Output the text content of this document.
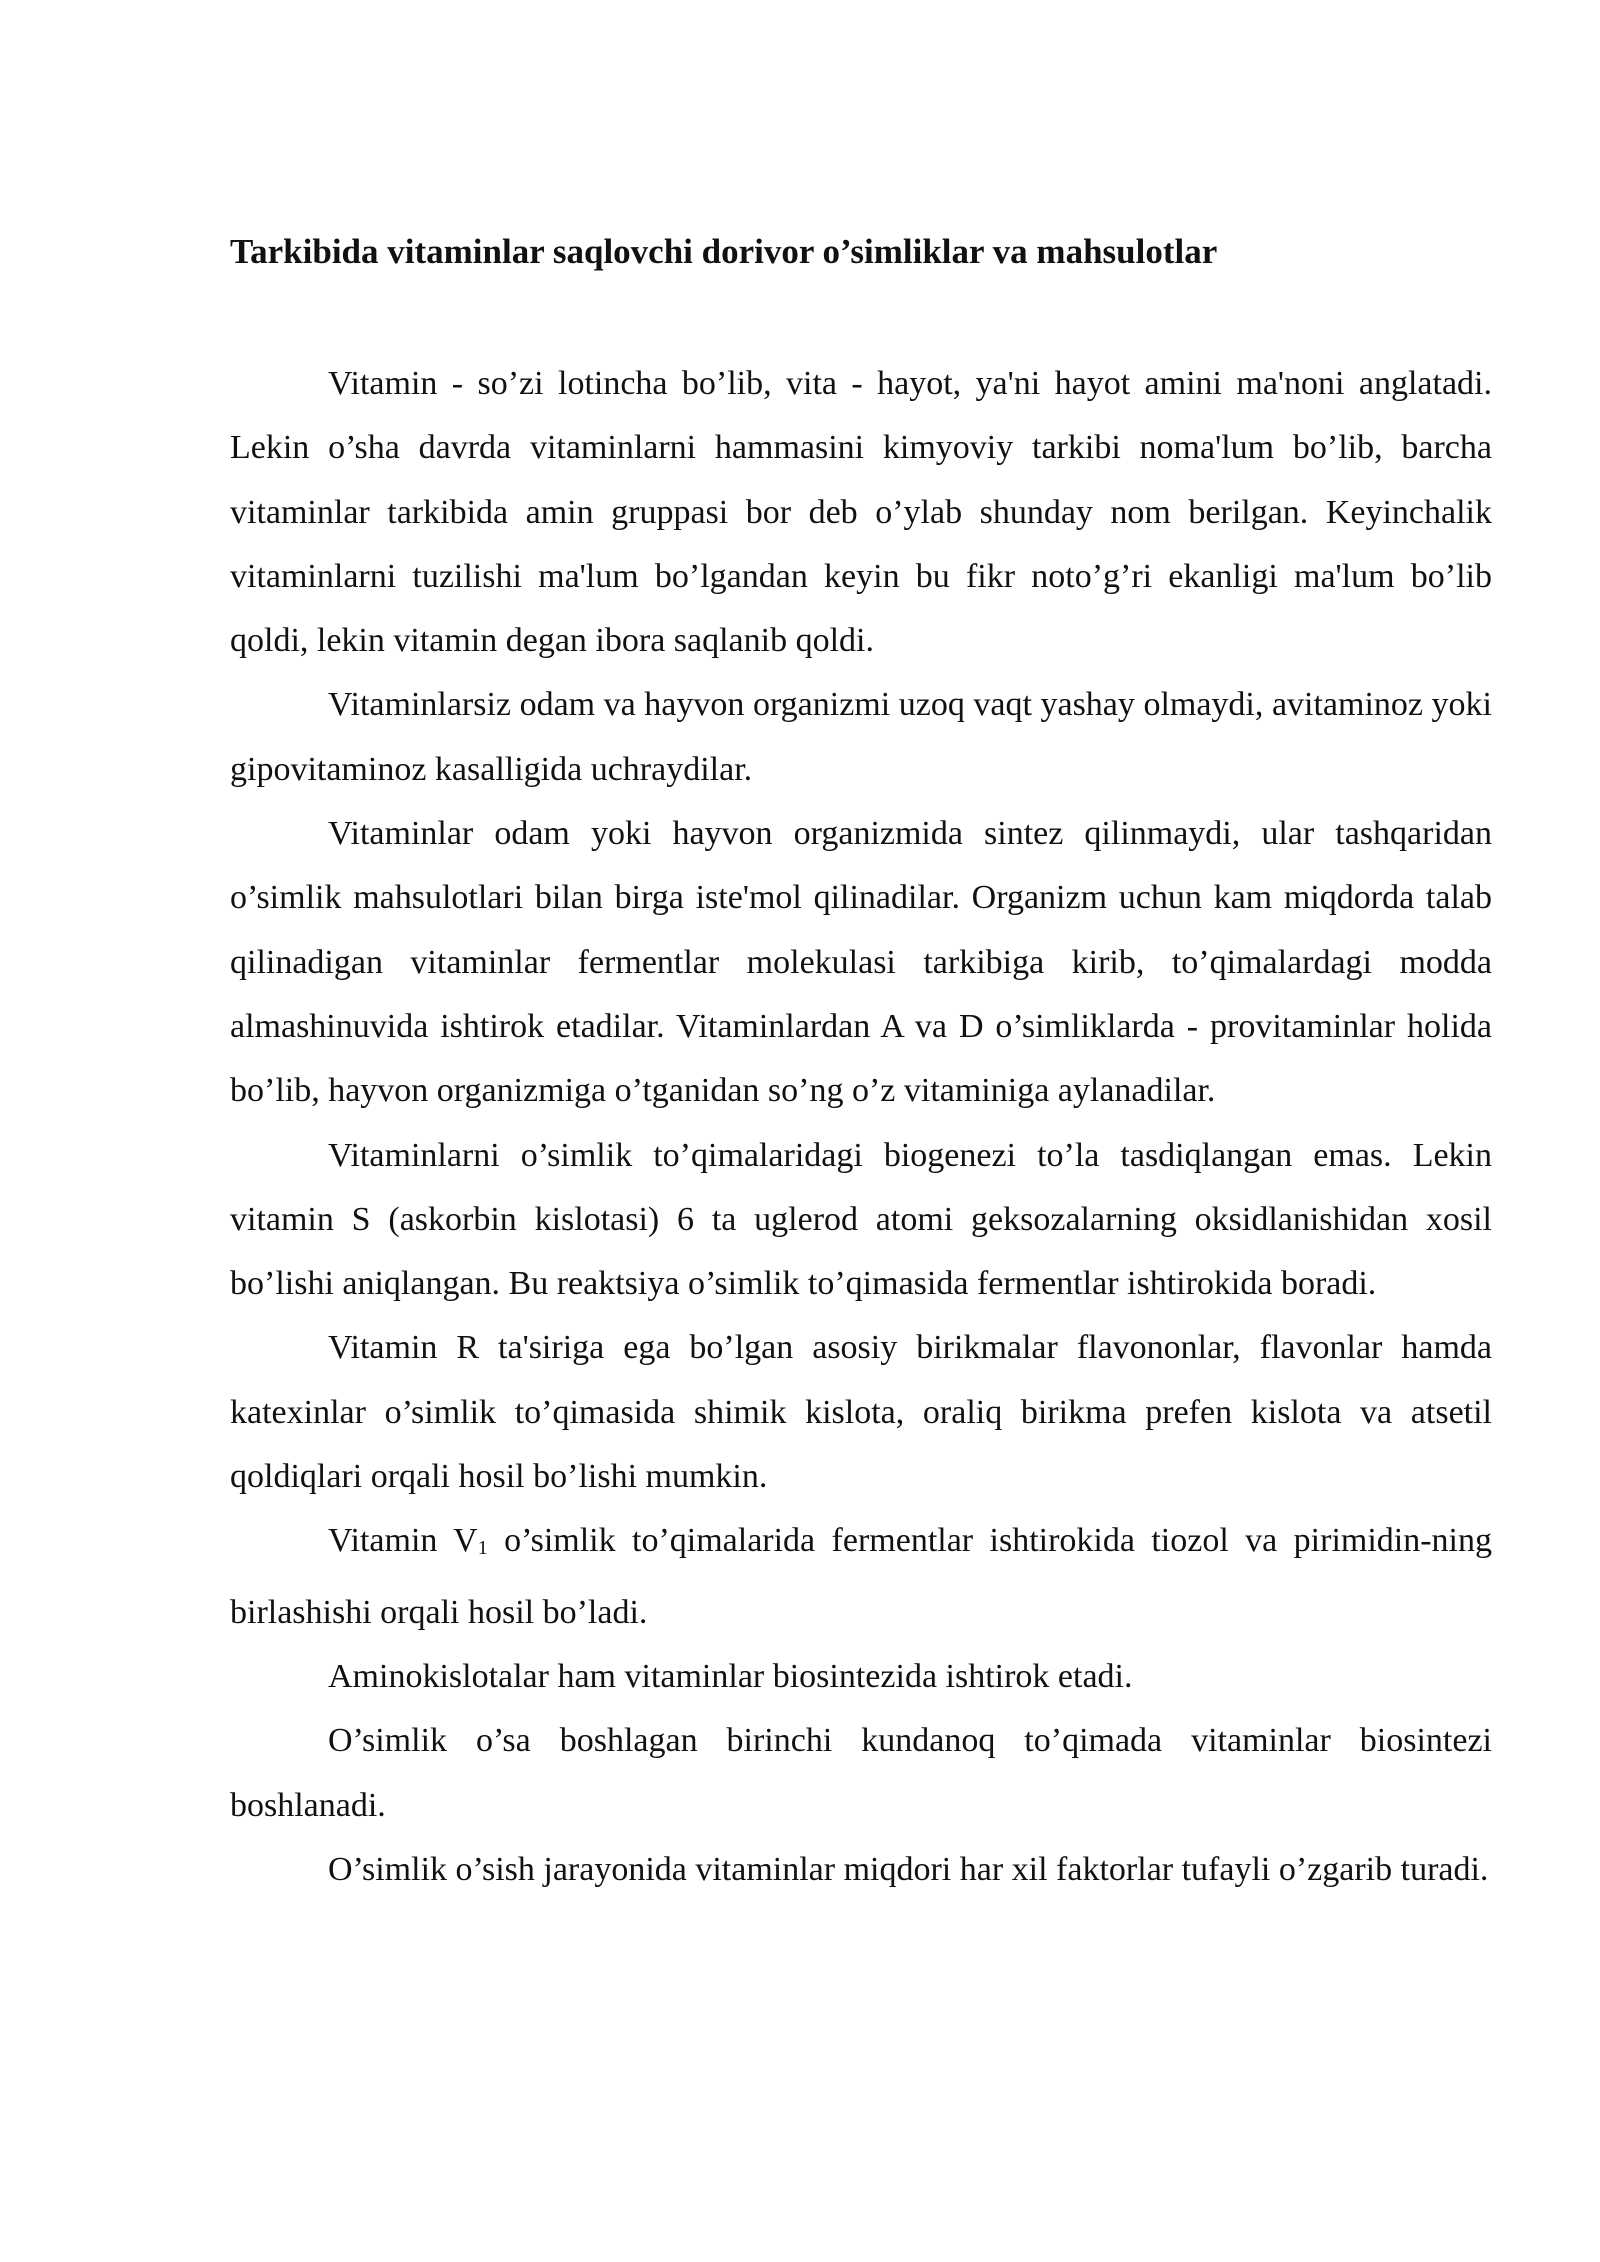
Tarkibida vitaminlar saqlovchi dorivor o’simliklar va mahsulotlar

Vitamin - so’zi lotincha bo’lib, vita - hayot, ya'ni hayot amini ma'noni anglatadi. Lekin o’sha davrda vitaminlarni hammasini kimyoviy tarkibi noma'lum bo’lib, barcha vitaminlar tarkibida amin gruppasi bor deb o’ylab shunday nom berilgan. Keyinchalik vitaminlarni tuzilishi ma'lum bo’lgandan keyin bu fikr noto’g’ri ekanligi ma'lum bo’lib qoldi, lekin vitamin degan ibora saqlanib qoldi.

Vitaminlarsiz odam va hayvon organizmi uzoq vaqt yashay olmaydi, avitaminoz yoki gipovitaminoz kasalligida uchraydilar.

Vitaminlar odam yoki hayvon organizmida sintez qilinmaydi, ular tashqaridan o’simlik mahsulotlari bilan birga iste'mol qilinadilar. Organizm uchun kam miqdorda talab qilinadigan vitaminlar fermentlar molekulasi tarkibiga kirib, to’qimalardagi modda almashinuvida ishtirok etadilar. Vitaminlardan A va D o’simliklarda - provitaminlar holida bo’lib, hayvon organizmiga o’tganidan so’ng o’z vitaminiga aylanadilar.

Vitaminlarni o’simlik to’qimalaridagi biogenezi to’la tasdiqlangan emas. Lekin vitamin S (askorbin kislotasi) 6 ta uglerod atomi geksozalarning oksidlanishidan xosil bo’lishi aniqlangan. Bu reaktsiya o’simlik to’qimasida fermentlar ishtirokida boradi.

Vitamin R ta'siriga ega bo’lgan asosiy birikmalar flavononlar, flavonlar hamda katexinlar o’simlik to’qimasida shimik kislota, oraliq birikma prefen kislota va atsetil qoldiqlari orqali hosil bo’lishi mumkin.

Vitamin V1 o’simlik to’qimalarida fermentlar ishtirokida tiozol va pirimidin-ning birlashishi orqali hosil bo’ladi.

Aminokislotalar ham vitaminlar biosintezida ishtirok etadi.

O’simlik o’sa boshlagan birinchi kundanoq to’qimada vitaminlar biosintezi boshlanadi.

O’simlik o’sish jarayonida vitaminlar miqdori har xil faktorlar tufayli o’zgarib turadi.
